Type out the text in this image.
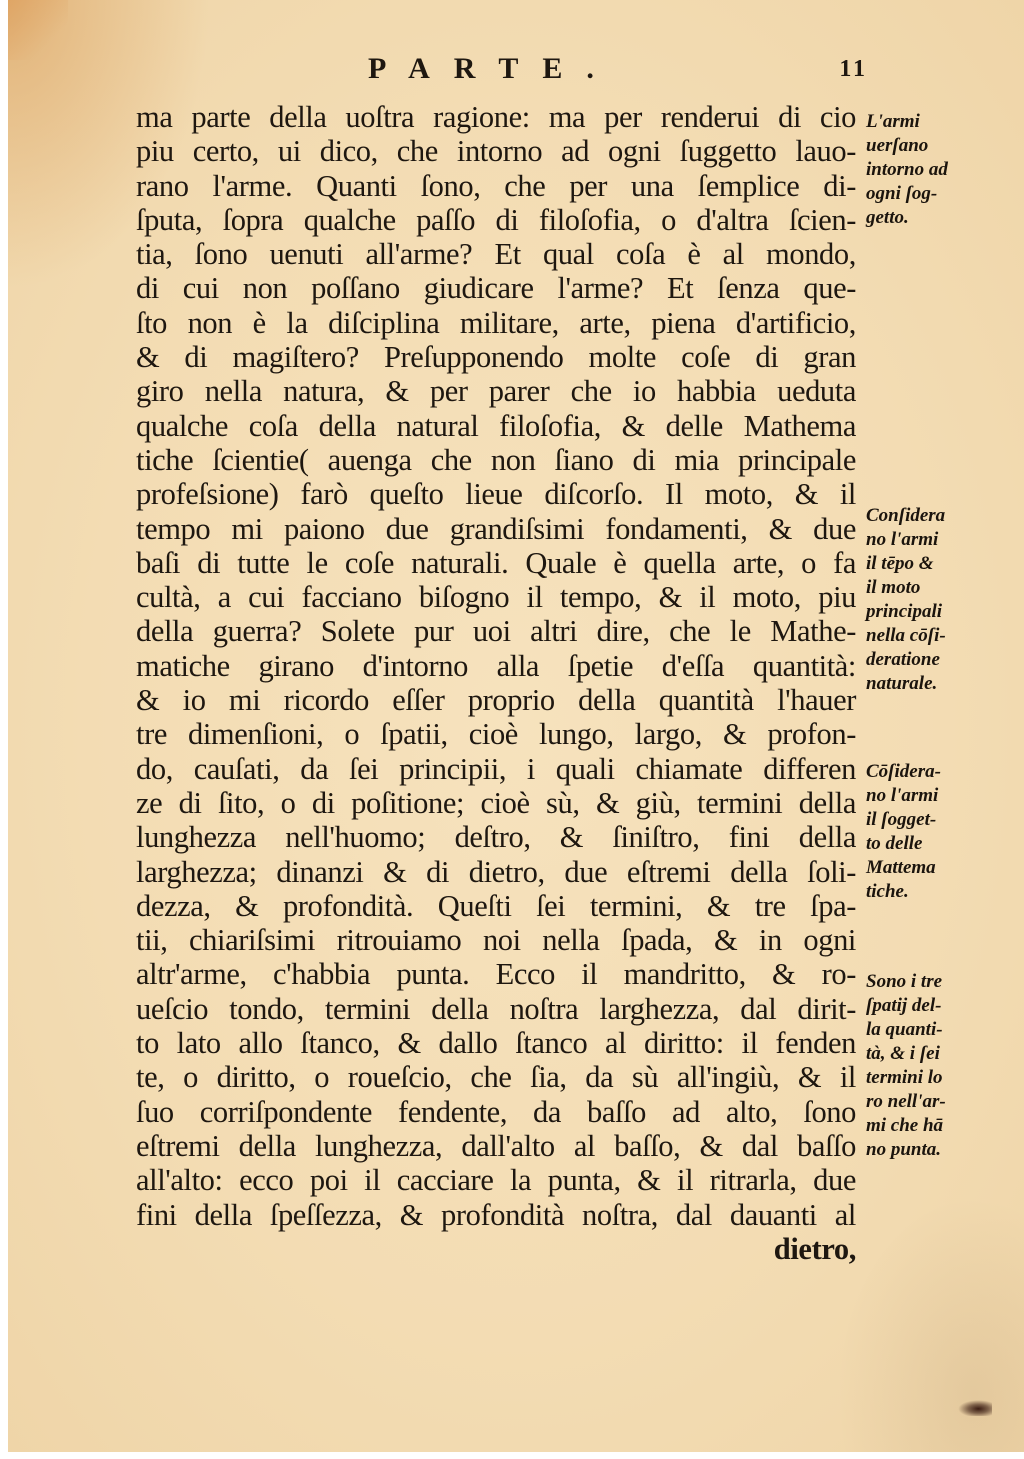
PARTE.	11
ma parte della uoſtra ragione: ma per renderui di cio
piu certo, ui dico, che intorno ad ogni ſuggetto lauo-
rano l'arme. Quanti ſono, che per una ſemplice di-
ſputa, ſopra qualche paſſo di filoſofia, o d'altra ſcien-
tia, ſono uenuti all'arme? Et qual coſa è al mondo,
di cui non poſſano giudicare l'arme? Et ſenza que-
ſto non è la diſciplina militare, arte, piena d'artificio,
& di magiſtero? Preſupponendo molte coſe di gran
giro nella natura, & per parer che io habbia ueduta
qualche coſa della natural filoſofia, & delle Mathema
tiche ſcientie( auenga che non ſiano di mia principale
profeſsione) farò queſto lieue diſcorſo. Il moto, & il
tempo mi paiono due grandiſsimi fondamenti, & due
baſi di tutte le coſe naturali. Quale è quella arte, o fa
cultà, a cui facciano biſogno il tempo, & il moto, piu
della guerra? Solete pur uoi altri dire, che le Mathe-
matiche girano d'intorno alla ſpetie d'eſſa quantità:
& io mi ricordo eſſer proprio della quantità l'hauer
tre dimenſioni, o ſpatii, cioè lungo, largo, & profon-
do, cauſati, da ſei principii, i quali chiamate differen
ze di ſito, o di poſitione; cioè sù, & giù, termini della
lunghezza nell'huomo; deſtro, & ſiniſtro, fini della
larghezza; dinanzi & di dietro, due eſtremi della ſoli-
dezza, & profondità. Queſti ſei termini, & tre ſpa-
tii, chiariſsimi ritrouiamo noi nella ſpada, & in ogni
altr'arme, c'habbia punta. Ecco il mandritto, & ro-
ueſcio tondo, termini della noſtra larghezza, dal dirit-
to lato allo ſtanco, & dallo ſtanco al diritto: il fenden
te, o diritto, o roueſcio, che ſia, da sù all'ingiù, & il
ſuo corriſpondente fendente, da baſſo ad alto, ſono
eſtremi della lunghezza, dall'alto al baſſo, & dal baſſo
all'alto: ecco poi il cacciare la punta, & il ritrarla, due
fini della ſpeſſezza, & profondità noſtra, dal dauanti al
dietro,
L'armi
uerſano
intorno ad
ogni ſog-
getto.
Conſidera
no l'armi
il tēpo &
il moto
principali
nella cōſi-
deratione
naturale.
Cōſidera-
no l'armi
il ſogget-
to delle
Mattema
tiche.
Sono i tre
ſpatij del-
la quanti-
tà, & i ſei
termini lo
ro nell'ar-
mi che hā
no punta.
